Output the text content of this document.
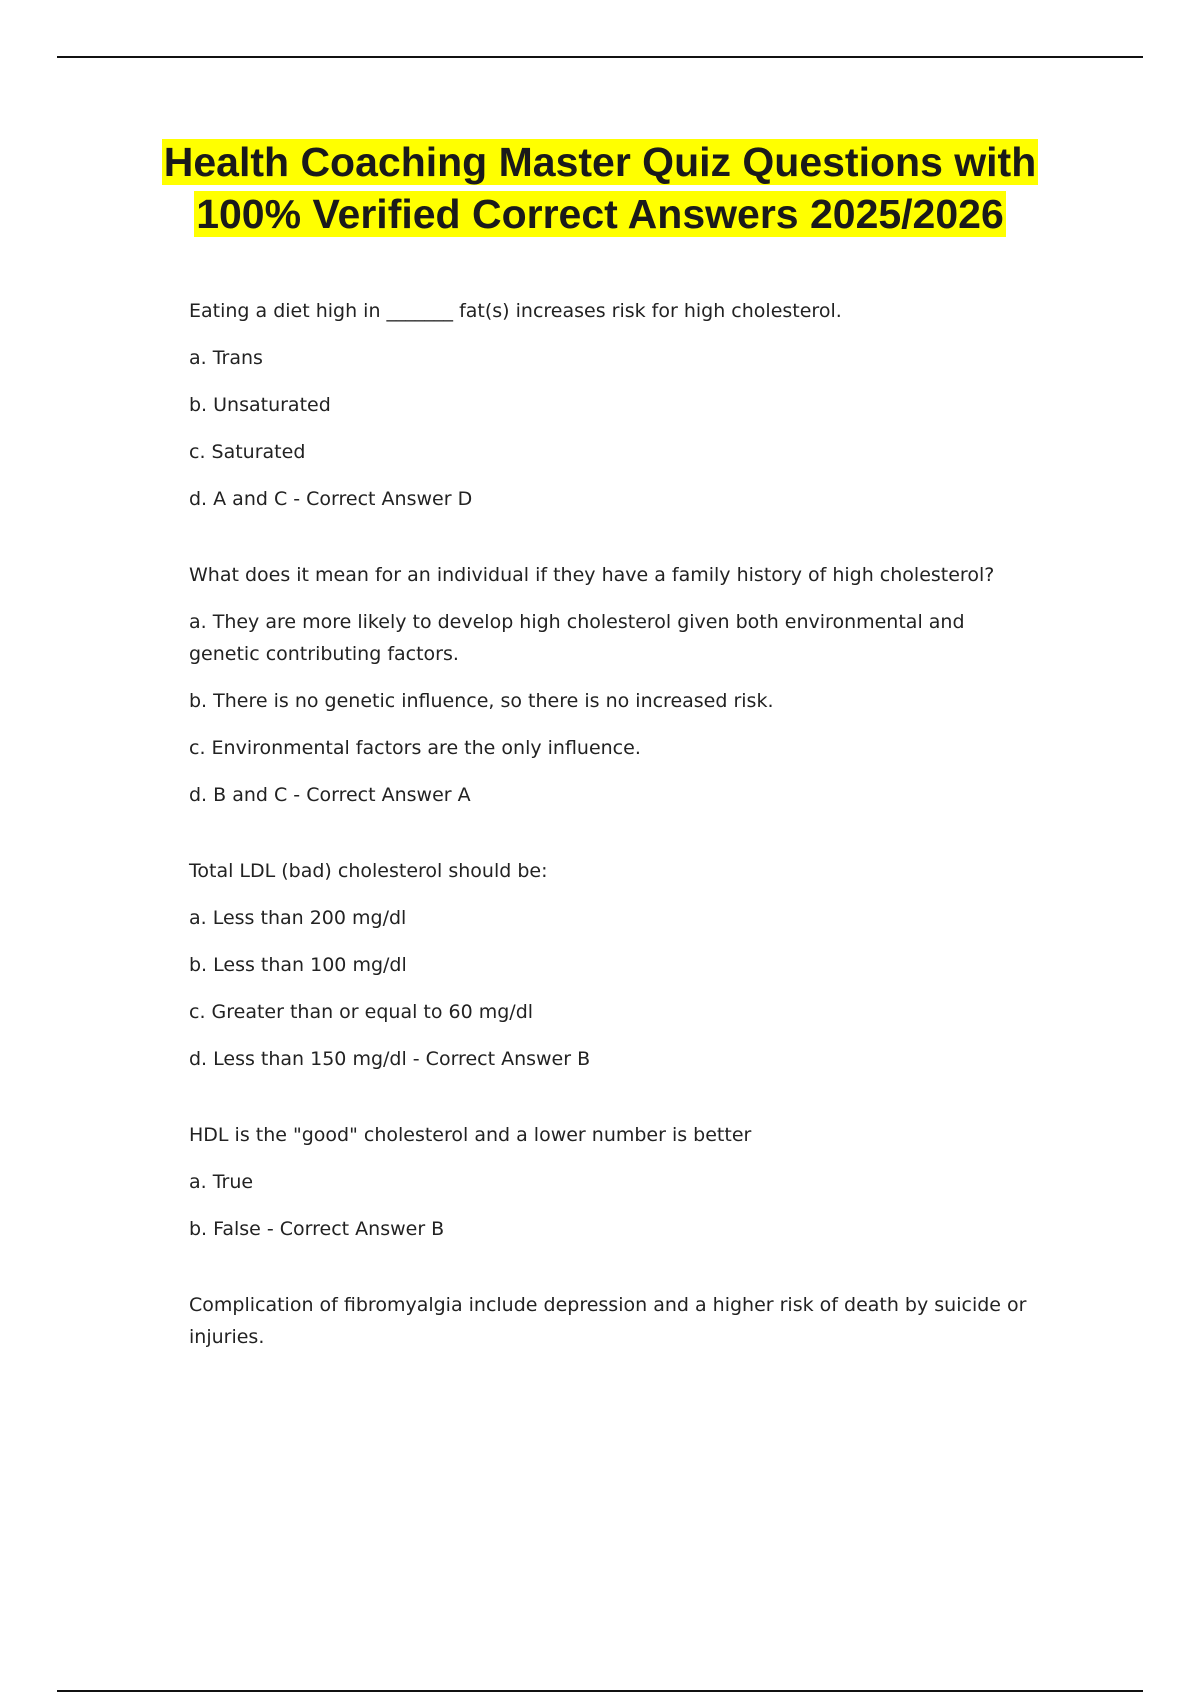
Health Coaching Master Quiz Questions with 100% Verified Correct Answers 2025/2026

Eating a diet high in _______ fat(s) increases risk for high cholesterol.

a. Trans

b. Unsaturated

c. Saturated

d. A and C - Correct Answer D

What does it mean for an individual if they have a family history of high cholesterol?

a. They are more likely to develop high cholesterol given both environmental and genetic contributing factors.

b. There is no genetic influence, so there is no increased risk.

c. Environmental factors are the only influence.

d. B and C - Correct Answer A

Total LDL (bad) cholesterol should be:

a. Less than 200 mg/dl

b. Less than 100 mg/dl

c. Greater than or equal to 60 mg/dl

d. Less than 150 mg/dl - Correct Answer B

HDL is the "good" cholesterol and a lower number is better

a. True

b. False - Correct Answer B

Complication of fibromyalgia include depression and a higher risk of death by suicide or injuries.
